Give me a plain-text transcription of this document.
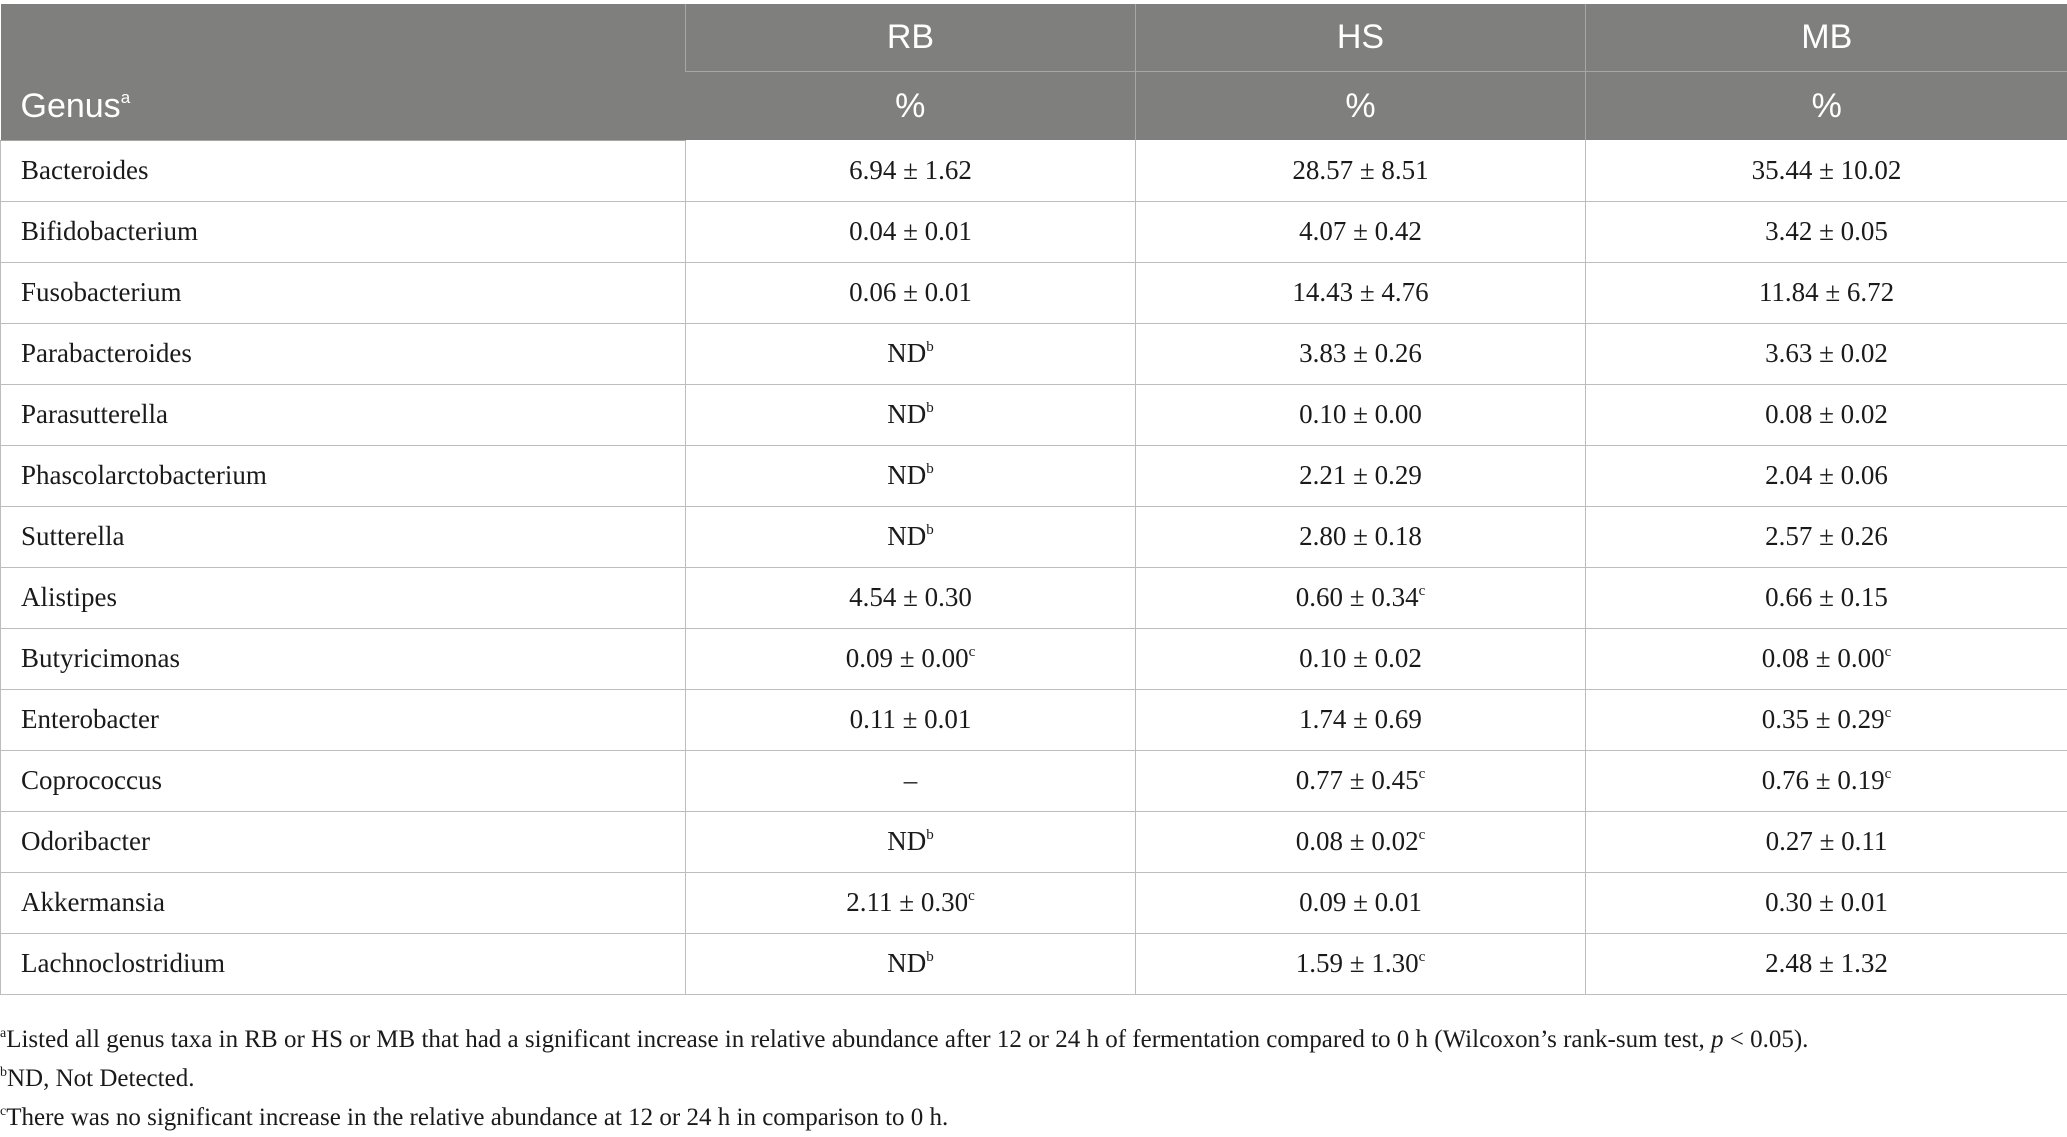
Genus$^a$	RB	HS	MB
	%	%	%
Bacteroides	6.94 ± 1.62	28.57 ± 8.51	35.44 ± 10.02
Bifidobacterium	0.04 ± 0.01	4.07 ± 0.42	3.42 ± 0.05
Fusobacterium	0.06 ± 0.01	14.43 ± 4.76	11.84 ± 6.72
Parabacteroides	$ND^b$	3.83 ± 0.26	3.63 ± 0.02
Parasutterella	$ND^b$	0.10 ± 0.00	0.08 ± 0.02
Phascolarctobacterium	$ND^b$	2.21 ± 0.29	2.04 ± 0.06
Sutterella	$ND^b$	2.80 ± 0.18	2.57 ± 0.26
Alistipes	4.54 ± 0.30	0.60 ± 0.34$^c$	0.66 ± 0.15
Butyricimonas	0.09 ± 0.00$^c$	0.10 ± 0.02	0.08 ± 0.00$^c$
Enterobacter	0.11 ± 0.01	1.74 ± 0.69	0.35 ± 0.29$^c$
Coprococcus	–	0.77 ± 0.45$^c$	0.76 ± 0.19$^c$
Odoribacter	$ND^b$	0.08 ± 0.02$^c$	0.27 ± 0.11
Akkermansia	2.11 ± 0.30$^c$	0.09 ± 0.01	0.30 ± 0.01
Lachnoclostridium	$ND^b$	1.59 ± 1.30$^c$	2.48 ± 1.32
$^a$Listed all genus taxa in RB or HS or MB that had a significant increase in relative abundance after 12 or 24 h of fermentation compared to 0 h (Wilcoxon’s rank-sum test, p < 0.05).
$^b$ND, Not Detected.
$^c$There was no significant increase in the relative abundance at 12 or 24 h in comparison to 0 h.
